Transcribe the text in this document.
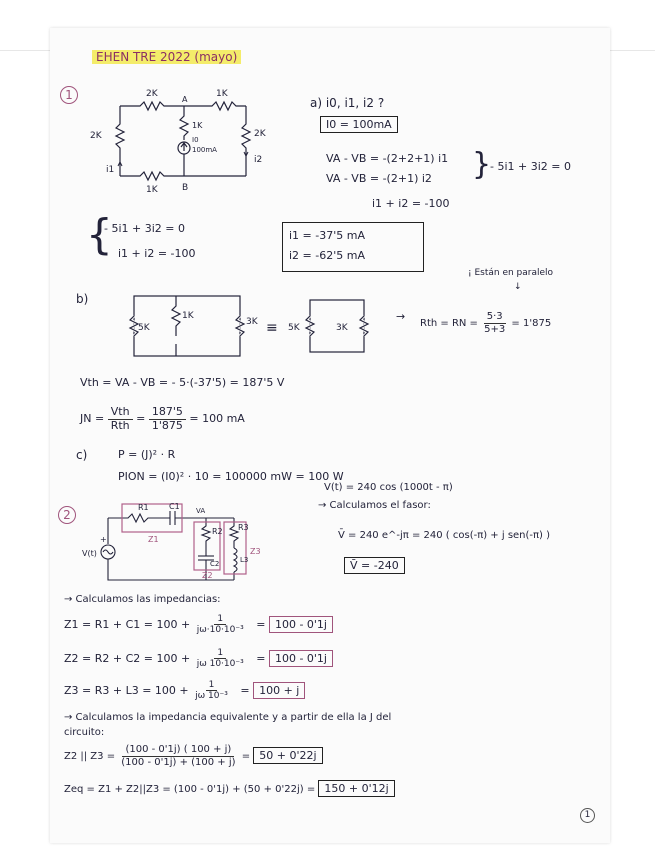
EHEN TRE 2022 (mayo)
1	2K	1K
A
2K
1K
I0
100mA
2K
i2
i1
1K	B
a) i0, i1, i2 ?
I0 = 100mA
VA - VB = -(2+2+1) i1
VA - VB = -(2+1) i2 }
- 5i1 + 3i2 = 0
i1 + i2 = -100
{
- 5i1 + 3i2 = 0
i1 + i2 = -100
i1 = -37'5 mA
i2 = -62'5 mA
b)
¡ Están en paralelo
↓
5K
1K
3K ≡ 5K	3K
→
Rth = RN = $\frac{5\cdot 3}{5+3} = 1'875$
Vth = VA - VB = - 5·(-37'5) = 187'5 V
JN = $\frac{\text{Vth}}{\text{Rth}} = \frac{187'5}{1'875} = 100$ mA
c)	P = (J)² · R
PION = (I0)² · 10 = 100000 mW = 100 W
2
V(t) = 240 cos (1000t - π)
→ Calculamos el fasor:
V̄ = 240 e^-jπ = 240 ( cos(-π) + j sen(-π) )
V̄ = -240
R1	C1 VA
R2 R3
C2	L3
Z1
Z2
Z3
V(t)
+
→ Calculamos las impedancias:
$Z1 = R1 + C1 = 100 + \frac{1}{\text{jω·10·10⁻³}} = 100 - 0'1j$
$Z2 = R2 + C2 = 100 + \frac{1}{\text{jω 10·10⁻³}} = 100 - 0'1j$
$Z3 = R3 + L3 = 100 + \frac{1}{\text{jω 10⁻³}} = 100 + j$
→ Calculamos la impedancia equivalente y a partir de ella la J del
circuito:
Z2 || $Z3 = \frac{(100 - 0'1j) ( 100 + j)}{(100 - 0'1j) + (100 + j)} = 50 + 0'22j$
Zeq = Z1 + Z2||Z3 = (100 - 0'1j) + (50 + 0'22j) = 150 + 0'12j
1
